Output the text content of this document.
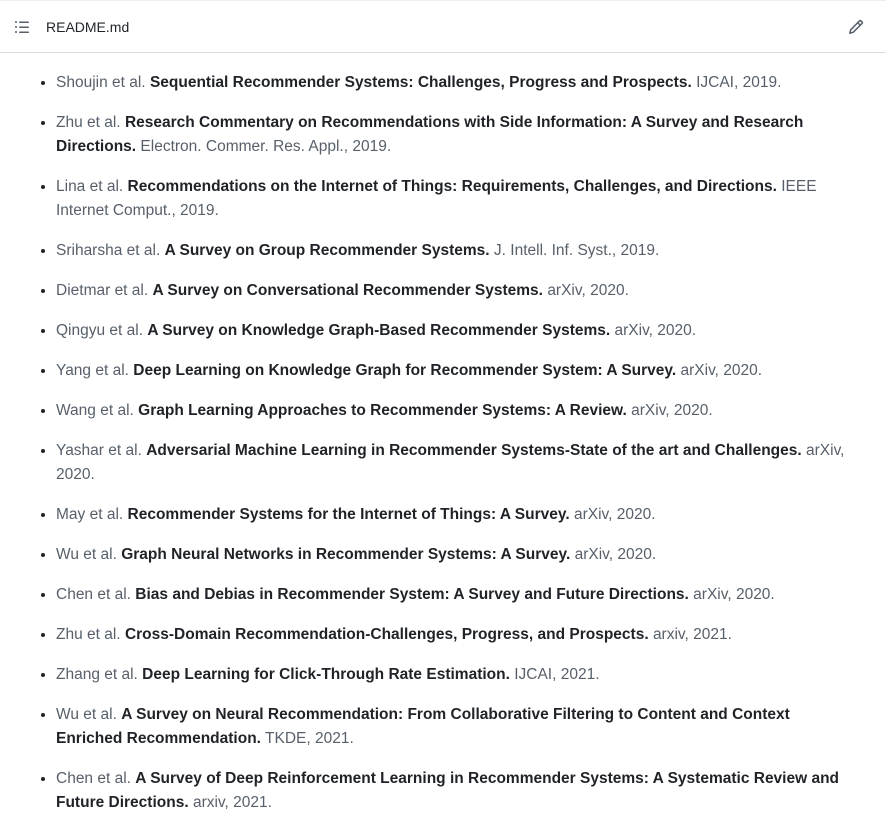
README.md
• Shoujin et al. Sequential Recommender Systems: Challenges, Progress and Prospects. IJCAI, 2019.
• Zhu et al. Research Commentary on Recommendations with Side Information: A Survey and Research Directions. Electron. Commer. Res. Appl., 2019.
• Lina et al. Recommendations on the Internet of Things: Requirements, Challenges, and Directions. IEEE Internet Comput., 2019.
• Sriharsha et al. A Survey on Group Recommender Systems. J. Intell. Inf. Syst., 2019.
• Dietmar et al. A Survey on Conversational Recommender Systems. arXiv, 2020.
• Qingyu et al. A Survey on Knowledge Graph-Based Recommender Systems. arXiv, 2020.
• Yang et al. Deep Learning on Knowledge Graph for Recommender System: A Survey. arXiv, 2020.
• Wang et al. Graph Learning Approaches to Recommender Systems: A Review. arXiv, 2020.
• Yashar et al. Adversarial Machine Learning in Recommender Systems-State of the art and Challenges. arXiv, 2020.
• May et al. Recommender Systems for the Internet of Things: A Survey. arXiv, 2020.
• Wu et al. Graph Neural Networks in Recommender Systems: A Survey. arXiv, 2020.
• Chen et al. Bias and Debias in Recommender System: A Survey and Future Directions. arXiv, 2020.
• Zhu et al. Cross-Domain Recommendation-Challenges, Progress, and Prospects. arxiv, 2021.
• Zhang et al. Deep Learning for Click-Through Rate Estimation. IJCAI, 2021.
• Wu et al. A Survey on Neural Recommendation: From Collaborative Filtering to Content and Context Enriched Recommendation. TKDE, 2021.
• Chen et al. A Survey of Deep Reinforcement Learning in Recommender Systems: A Systematic Review and Future Directions. arxiv, 2021.
